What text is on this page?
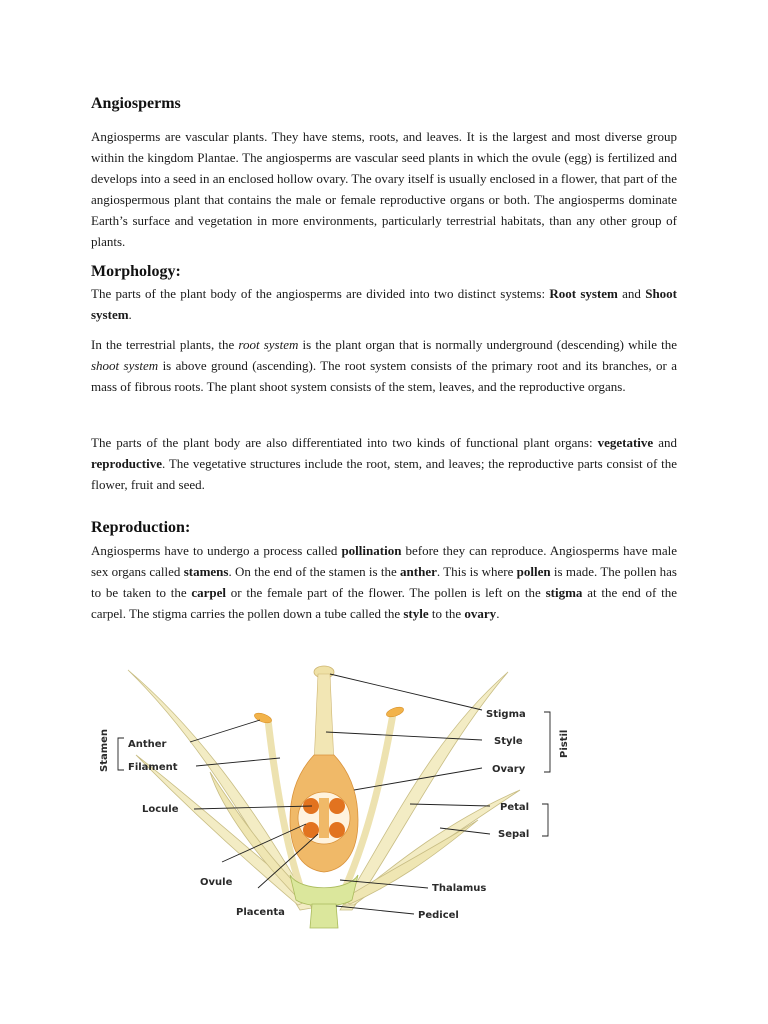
Angiosperms

Angiosperms are vascular plants. They have stems, roots, and leaves. It is the largest and most diverse group within the kingdom Plantae. The angiosperms are vascular seed plants in which the ovule (egg) is fertilized and develops into a seed in an enclosed hollow ovary. The ovary itself is usually enclosed in a flower, that part of the angiospermous plant that contains the male or female reproductive organs or both. The angiosperms dominate Earth’s surface and vegetation in more environments, particularly terrestrial habitats, than any other group of plants.

Morphology:

The parts of the plant body of the angiosperms are divided into two distinct systems: Root system and Shoot system.

In the terrestrial plants, the root system is the plant organ that is normally underground (descending) while the shoot system is above ground (ascending). The root system consists of the primary root and its branches, or a mass of fibrous roots. The plant shoot system consists of the stem, leaves, and the reproductive organs.

The parts of the plant body are also differentiated into two kinds of functional plant organs: vegetative and reproductive. The vegetative structures include the root, stem, and leaves; the reproductive parts consist of the flower, fruit and seed.

Reproduction:

Angiosperms have to undergo a process called pollination before they can reproduce. Angiosperms have male sex organs called stamens. On the end of the stamen is the anther. This is where pollen is made. The pollen has to be taken to the carpel or the female part of the flower. The pollen is left on the stigma at the end of the carpel. The stigma carries the pollen down a tube called the style to the ovary.

Stamen Anther
Filament
Locule
Ovule
Placenta
Stigma
Style
Ovary
Pistil
Petal
Sepal
Thalamus
Pedicel
